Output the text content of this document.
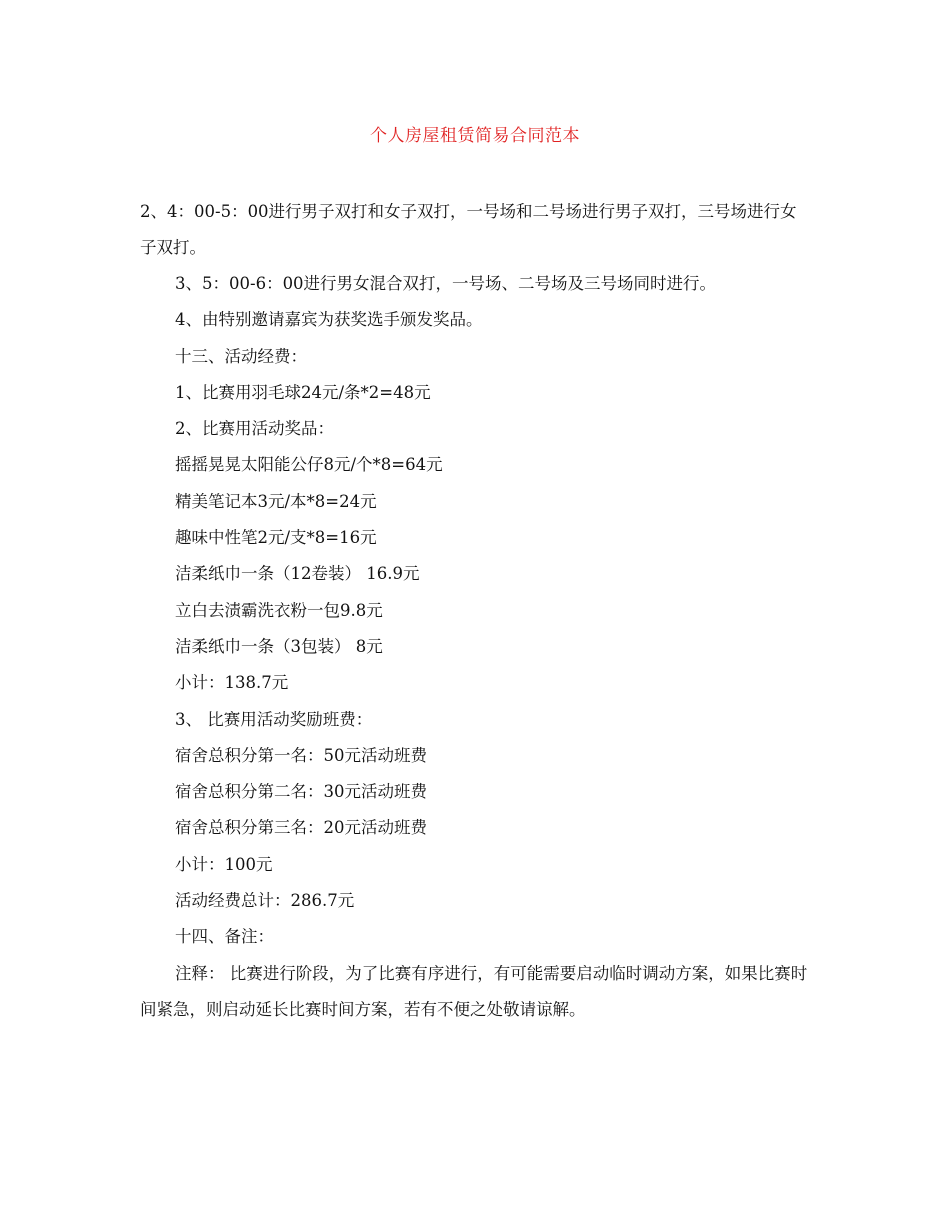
个人房屋租赁简易合同范本

2、4：00-5：00进行男子双打和女子双打，一号场和二号场进行男子双打，三号场进行女子双打。

3、5：00-6：00进行男女混合双打，一号场、二号场及三号场同时进行。

4、由特别邀请嘉宾为获奖选手颁发奖品。

十三、活动经费：

1、比赛用羽毛球24元/条*2=48元

2、比赛用活动奖品：

摇摇晃晃太阳能公仔8元/个*8=64元

精美笔记本3元/本*8=24元

趣味中性笔2元/支*8=16元

洁柔纸巾一条（12卷装） 16.9元

立白去渍霸洗衣粉一包9.8元

洁柔纸巾一条（3包装） 8元

小计：138.7元

3、 比赛用活动奖励班费：

宿舍总积分第一名：50元活动班费

宿舍总积分第二名：30元活动班费

宿舍总积分第三名：20元活动班费

小计：100元

活动经费总计：286.7元

十四、备注：

注释： 比赛进行阶段，为了比赛有序进行，有可能需要启动临时调动方案，如果比赛时间紧急，则启动延长比赛时间方案，若有不便之处敬请谅解。
